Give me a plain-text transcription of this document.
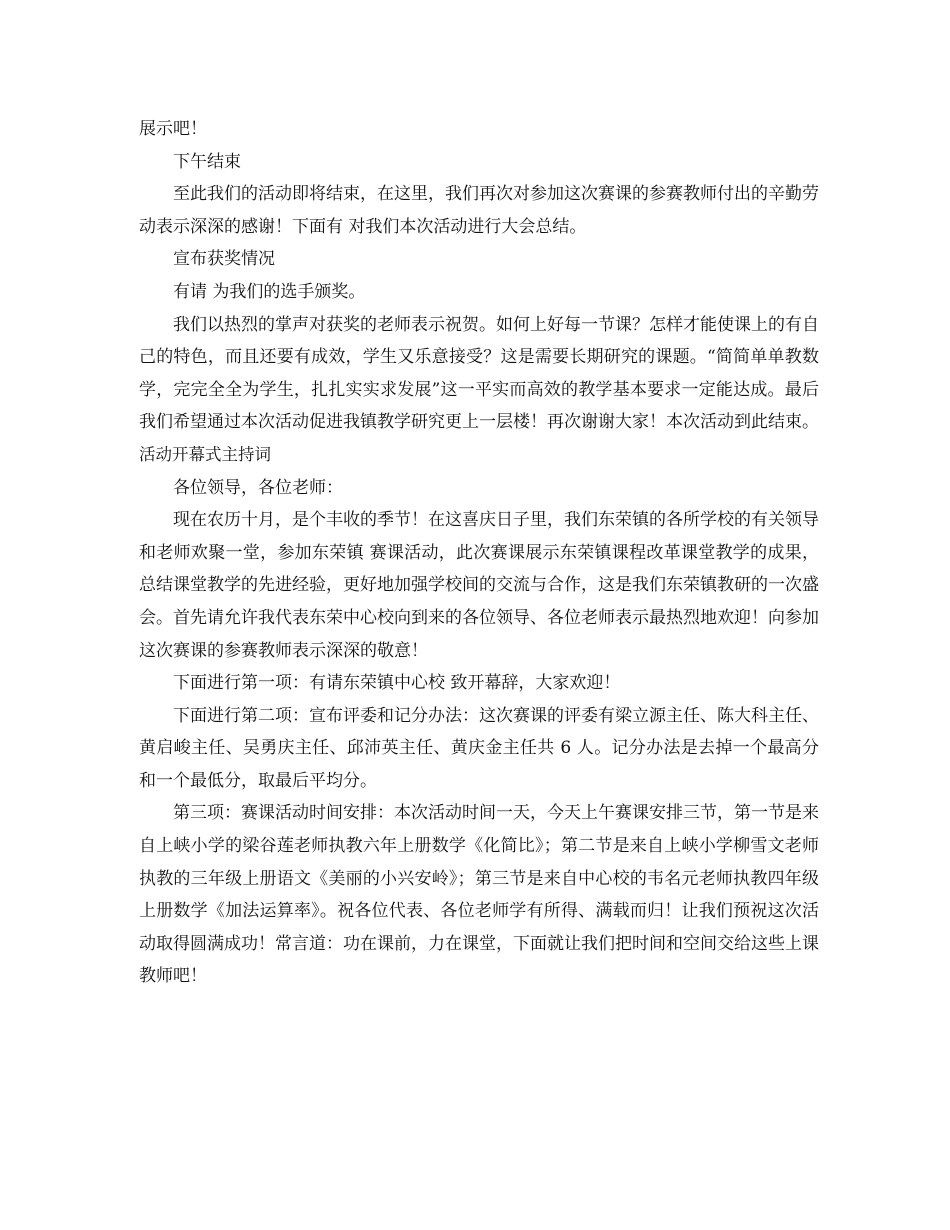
展示吧！

下午结束

至此我们的活动即将结束，在这里，我们再次对参加这次赛课的参赛教师付出的辛勤劳动表示深深的感谢！下面有 对我们本次活动进行大会总结。

宣布获奖情况

有请 为我们的选手颁奖。

我们以热烈的掌声对获奖的老师表示祝贺。如何上好每一节课？怎样才能使课上的有自己的特色，而且还要有成效，学生又乐意接受？这是需要长期研究的课题。“简简单单教数学，完完全全为学生，扎扎实实求发展”这一平实而高效的教学基本要求一定能达成。最后我们希望通过本次活动促进我镇教学研究更上一层楼！再次谢谢大家！本次活动到此结束。

活动开幕式主持词

各位领导，各位老师：

现在农历十月，是个丰收的季节！在这喜庆日子里，我们东荣镇的各所学校的有关领导和老师欢聚一堂，参加东荣镇 赛课活动，此次赛课展示东荣镇课程改革课堂教学的成果，总结课堂教学的先进经验，更好地加强学校间的交流与合作，这是我们东荣镇教研的一次盛会。首先请允许我代表东荣中心校向到来的各位领导、各位老师表示最热烈地欢迎！向参加这次赛课的参赛教师表示深深的敬意！

下面进行第一项：有请东荣镇中心校 致开幕辞，大家欢迎！

下面进行第二项：宣布评委和记分办法：这次赛课的评委有梁立源主任、陈大科主任、黄启峻主任、吴勇庆主任、邱沛英主任、黄庆金主任共 6 人。记分办法是去掉一个最高分和一个最低分，取最后平均分。

第三项：赛课活动时间安排：本次活动时间一天，今天上午赛课安排三节，第一节是来自上峡小学的梁谷莲老师执教六年上册数学《化简比》；第二节是来自上峡小学柳雪文老师执教的三年级上册语文《美丽的小兴安岭》；第三节是来自中心校的韦名元老师执教四年级上册数学《加法运算率》。祝各位代表、各位老师学有所得、满载而归！让我们预祝这次活动取得圆满成功！常言道：功在课前，力在课堂，下面就让我们把时间和空间交给这些上课教师吧！
